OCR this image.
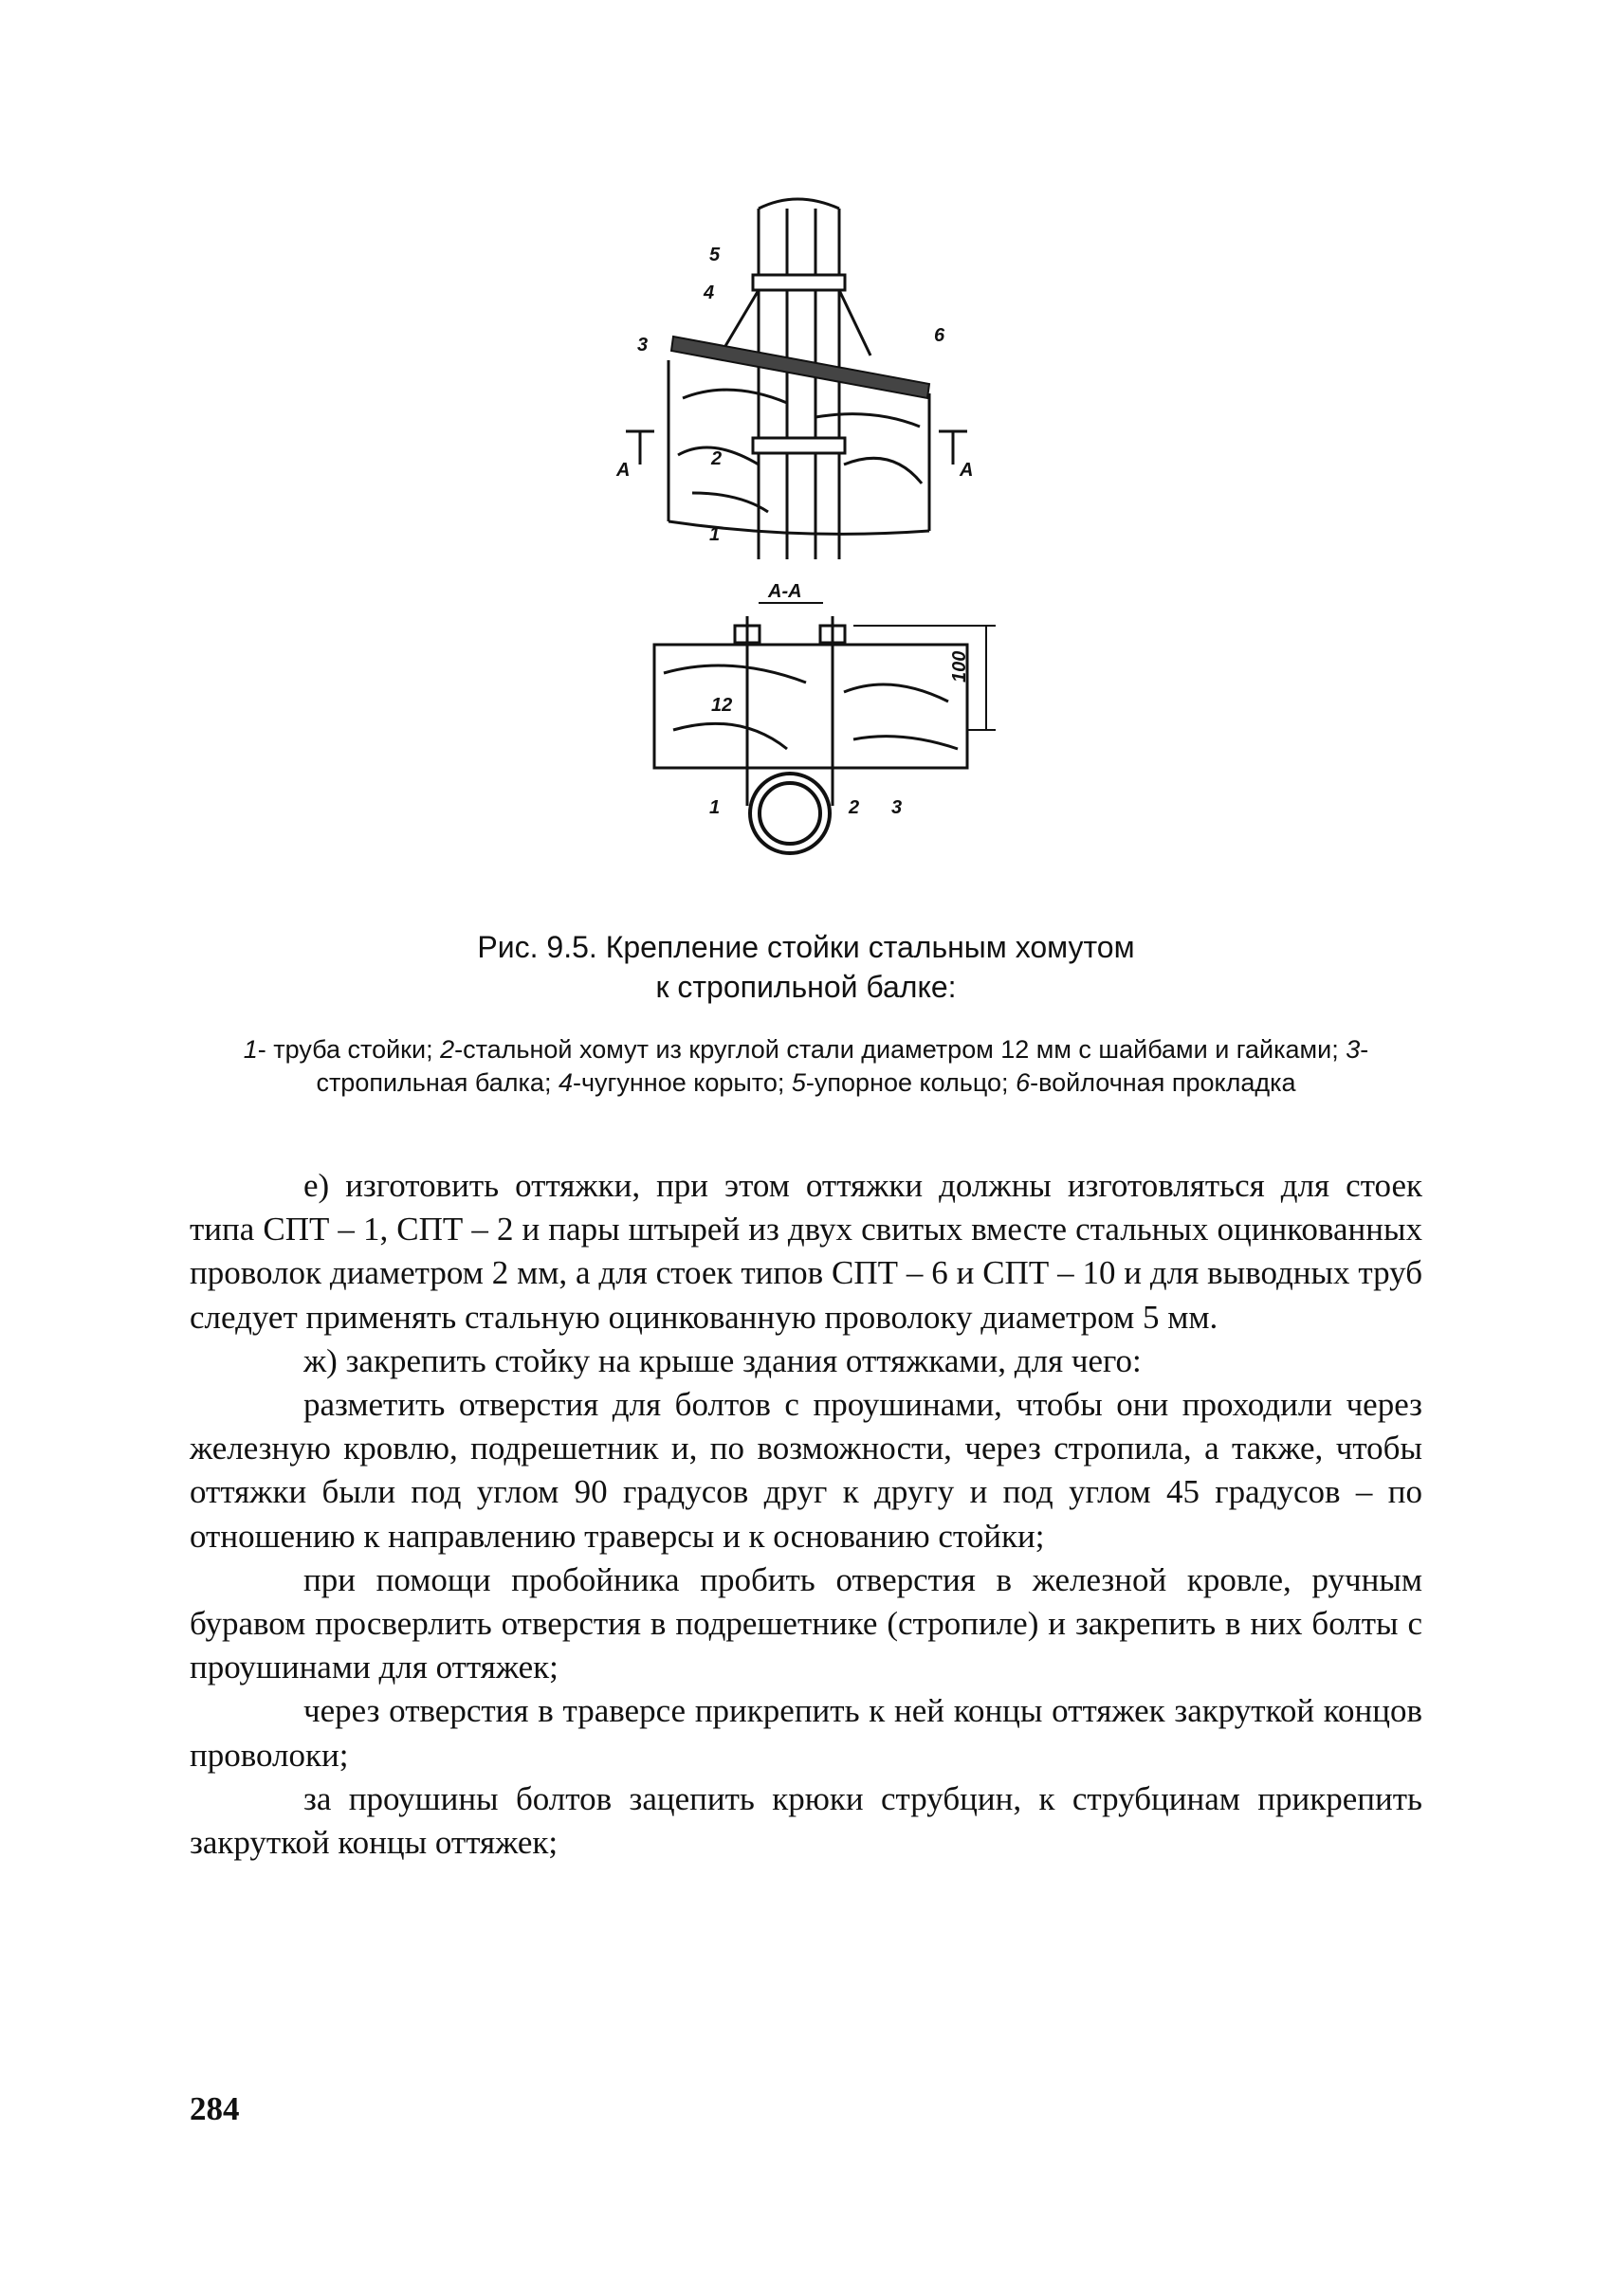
5
4
3	6
2
1
А	А
А-А
100
12
1	2 3
Рис. 9.5. Крепление стойки стальным хомутом
к стропильной балке:
1- труба стойки; 2-стальной хомут из круглой стали диаметром 12 мм с шайбами и гайками; 3-стропильная балка; 4-чугунное корыто; 5-упорное кольцо; 6-войлочная прокладка

е) изготовить оттяжки, при этом оттяжки должны изготовляться для стоек типа СПТ – 1, СПТ – 2 и пары штырей из двух свитых вместе стальных оцинкованных проволок диаметром 2 мм, а для стоек типов СПТ – 6 и СПТ – 10 и для выводных труб следует применять стальную оцинкованную проволоку диаметром 5 мм.

ж) закрепить стойку на крыше здания оттяжками, для чего:

разметить отверстия для болтов с проушинами, чтобы они проходили через железную кровлю, подрешетник и, по возможности, через стропила, а также, чтобы оттяжки были под углом 90 градусов друг к другу и под углом 45 градусов – по отношению к направлению траверсы и к основанию стойки;

при помощи пробойника пробить отверстия в железной кровле, ручным буравом просверлить отверстия в подрешетнике (стропиле) и закрепить в них болты с проушинами для оттяжек;

через отверстия в траверсе прикрепить к ней концы оттяжек закруткой концов проволоки;

за проушины болтов зацепить крюки струбцин, к струбцинам прикрепить закруткой концы оттяжек;

284
